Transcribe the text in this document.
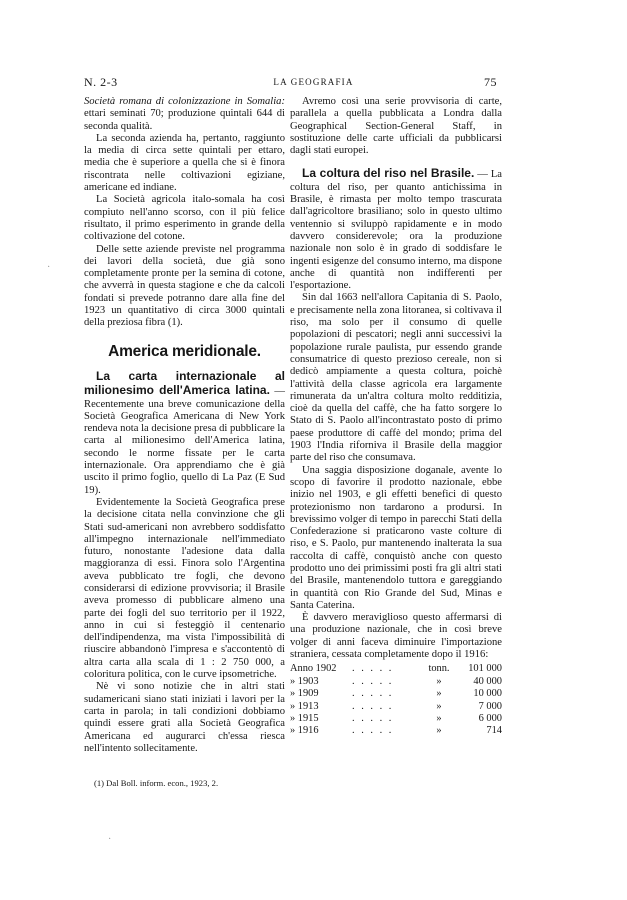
N. 2-3	LA GEOGRAFIA	75
·
·

Società romana di colonizzazione in Somalia: ettari seminati 70; produzione quintali 644 di seconda qualità.

La seconda azienda ha, pertanto, raggiunto la media di circa sette quintali per ettaro, media che è superiore a quella che si è finora riscontrata nelle coltivazioni egiziane, americane ed indiane.

La Società agricola italo-somala ha così compiuto nell'anno scorso, con il più felice risultato, il primo esperimento in grande della coltivazione del cotone.

Delle sette aziende previste nel programma dei lavori della società, due già sono completamente pronte per la semina di cotone, che avverrà in questa stagione e che da calcoli fondati si prevede potranno dare alla fine del 1923 un quantitativo di circa 3000 quintali della preziosa fibra (1).

America meridionale.

La carta internazionale al milionesimo dell'America latina. — Recentemente una breve comunicazione della Società Geografica Americana di New York rendeva nota la decisione presa di pubblicare la carta al milionesimo dell'America latina, secondo le norme fissate per le carta internazionale. Ora apprendiamo che è già uscito il primo foglio, quello di La Paz (E Sud 19).

Evidentemente la Società Geografica prese la decisione citata nella convinzione che gli Stati sud-americani non avrebbero soddisfatto all'impegno internazionale nell'immediato futuro, nonostante l'adesione data dalla maggioranza di essi. Finora solo l'Argentina aveva pubblicato tre fogli, che devono considerarsi di edizione provvisoria; il Brasile aveva promesso di pubblicare almeno una parte dei fogli del suo territorio per il 1922, anno in cui si festeggiò il centenario dell'indipendenza, ma vista l'impossibilità di riuscire abbandonò l'impresa e s'accontentò di altra carta alla scala di 1 : 2 750 000, a coloritura politica, con le curve ipsometriche.

Nè vi sono notizie che in altri stati sudamericani siano stati iniziati i lavori per la carta in parola; in tali condizioni dobbiamo quindi essere grati alla Società Geografica Americana ed augurarci ch'essa riesca nell'intento sollecitamente.

(1) Dal Boll. inform. econ., 1923, 2.

Avremo così una serie provvisoria di carte, parallela a quella pubblicata a Londra dalla Geographical Section-General Staff, in sostituzione delle carte ufficiali da pubblicarsi dagli stati europei.

La coltura del riso nel Brasile. — La coltura del riso, per quanto antichissima in Brasile, è rimasta per molto tempo trascurata dall'agricoltore brasiliano; solo in questo ultimo ventennio si sviluppò rapidamente e in modo davvero considerevole; ora la produzione nazionale non solo è in grado di soddisfare le ingenti esigenze del consumo interno, ma dispone anche di quantità non indifferenti per l'esportazione.

Sin dal 1663 nell'allora Capitania di S. Paolo, e precisamente nella zona litoranea, si coltivava il riso, ma solo per il consumo di quelle popolazioni di pescatori; negli anni successivi la popolazione rurale paulista, pur essendo grande consumatrice di questo prezioso cereale, non si dedicò ampiamente a questa coltura, poichè l'attività della classe agricola era largamente rimunerata da un'altra coltura molto redditizia, cioè da quella del caffè, che ha fatto sorgere lo Stato di S. Paolo all'incontrastato posto di primo paese produttore di caffè del mondo; prima del 1903 l'India riforniva il Brasile della maggior parte del riso che consumava.

Una saggia disposizione doganale, avente lo scopo di favorire il prodotto nazionale, ebbe inizio nel 1903, e gli effetti benefici di questo protezionismo non tardarono a prodursi. In brevissimo volger di tempo in parecchi Stati della Confederazione si praticarono vaste colture di riso, e S. Paolo, pur mantenendo inalterata la sua raccolta di caffè, conquistò anche con questo prodotto uno dei primissimi posti fra gli altri stati del Brasile, mantenendolo tuttora e gareggiando in quantità con Rio Grande del Sud, Minas e Santa Caterina.

È davvero meraviglioso questo affermarsi di una produzione nazionale, che in così breve volger di anni faceva diminuire l'importazione straniera, cessata completamente dopo il 1916:

Anno 1902	. . . . .	tonn.	101 000
» 1903	. . . . .	»	40 000
» 1909	. . . . .	»	10 000
» 1913	. . . . .	»	7 000
» 1915	. . . . .	»	6 000
» 1916	. . . . .	»	714
